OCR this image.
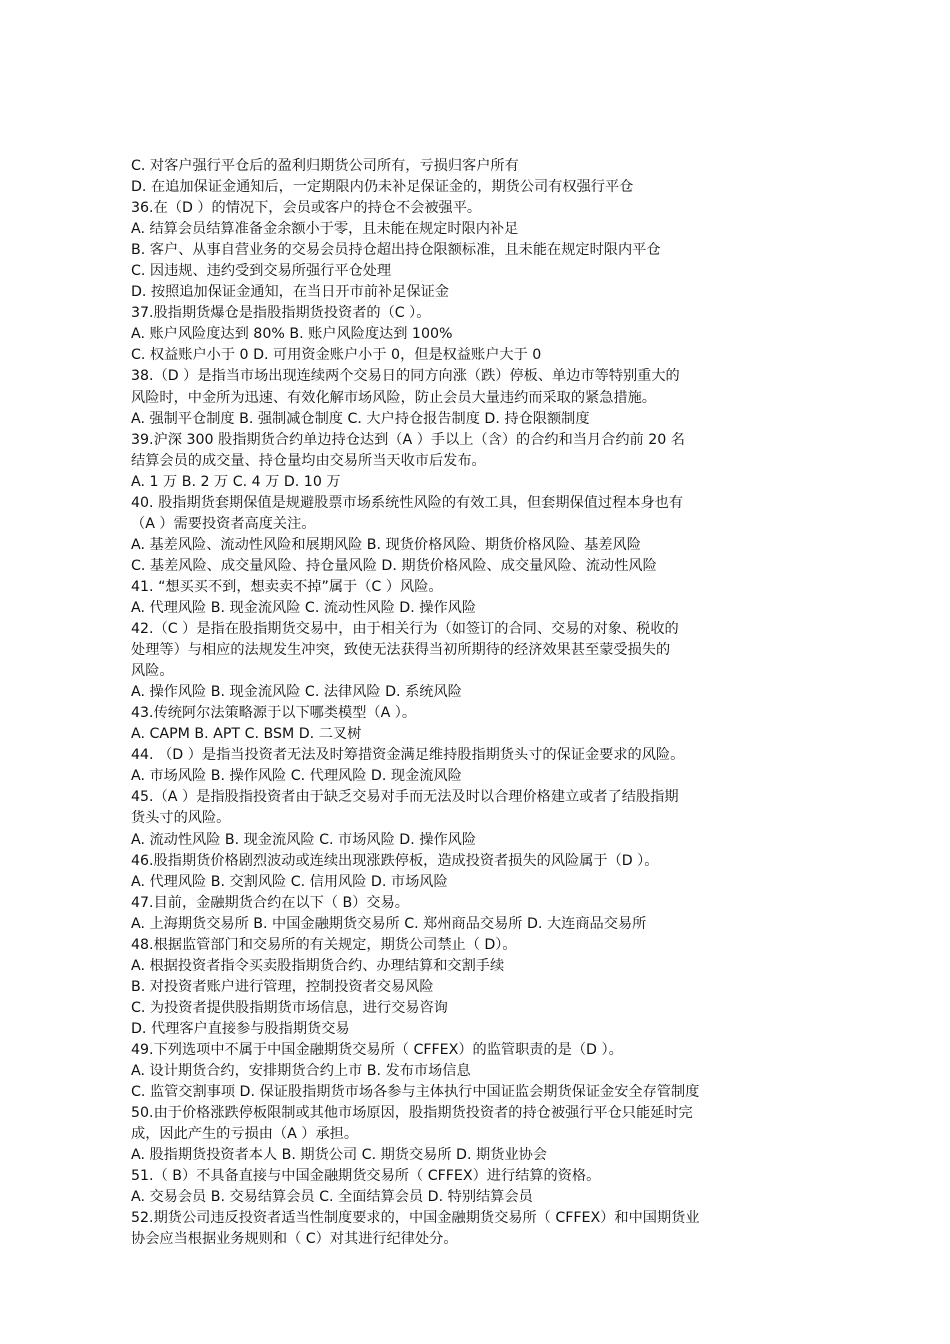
C. 对客户强行平仓后的盈利归期货公司所有，亏损归客户所有
D. 在追加保证金通知后，一定期限内仍未补足保证金的，期货公司有权强行平仓
36.在（D ）的情况下，会员或客户的持仓不会被强平。
A. 结算会员结算准备金余额小于零，且未能在规定时限内补足
B. 客户、从事自营业务的交易会员持仓超出持仓限额标准，且未能在规定时限内平仓
C. 因违规、违约受到交易所强行平仓处理
D. 按照追加保证金通知，在当日开市前补足保证金
37.股指期货爆仓是指股指期货投资者的（C ）。
A. 账户风险度达到 80% B. 账户风险度达到 100%
C. 权益账户小于 0 D. 可用资金账户小于 0，但是权益账户大于 0
38.（D ）是指当市场出现连续两个交易日的同方向涨（跌）停板、单边市等特别重大的
风险时，中金所为迅速、有效化解市场风险，防止会员大量违约而采取的紧急措施。
A. 强制平仓制度 B. 强制减仓制度 C. 大户持仓报告制度 D. 持仓限额制度
39.沪深 300 股指期货合约单边持仓达到（A ）手以上（含）的合约和当月合约前 20 名
结算会员的成交量、持仓量均由交易所当天收市后发布。
A. 1 万 B. 2 万 C. 4 万 D. 10 万
40. 股指期货套期保值是规避股票市场系统性风险的有效工具，但套期保值过程本身也有
（A ）需要投资者高度关注。
A. 基差风险、流动性风险和展期风险 B. 现货价格风险、期货价格风险、基差风险
C. 基差风险、成交量风险、持仓量风险 D. 期货价格风险、成交量风险、流动性风险
41. “想买买不到，想卖卖不掉”属于（C ）风险。
A. 代理风险 B. 现金流风险 C. 流动性风险 D. 操作风险
42.（C ）是指在股指期货交易中，由于相关行为（如签订的合同、交易的对象、税收的
处理等）与相应的法规发生冲突，致使无法获得当初所期待的经济效果甚至蒙受损失的
风险。
A. 操作风险 B. 现金流风险 C. 法律风险 D. 系统风险
43.传统阿尔法策略源于以下哪类模型（A ）。
A. CAPM B. APT C. BSM D. 二叉树
44. （D ）是指当投资者无法及时筹措资金满足维持股指期货头寸的保证金要求的风险。
A. 市场风险 B. 操作风险 C. 代理风险 D. 现金流风险
45.（A ）是指股指投资者由于缺乏交易对手而无法及时以合理价格建立或者了结股指期
货头寸的风险。
A. 流动性风险 B. 现金流风险 C. 市场风险 D. 操作风险
46.股指期货价格剧烈波动或连续出现涨跌停板，造成投资者损失的风险属于（D ）。
A. 代理风险 B. 交割风险 C. 信用风险 D. 市场风险
47.目前，金融期货合约在以下（ B）交易。
A. 上海期货交易所 B. 中国金融期货交易所 C. 郑州商品交易所 D. 大连商品交易所
48.根据监管部门和交易所的有关规定，期货公司禁止（ D）。
A. 根据投资者指令买卖股指期货合约、办理结算和交割手续
B. 对投资者账户进行管理，控制投资者交易风险
C. 为投资者提供股指期货市场信息，进行交易咨询
D. 代理客户直接参与股指期货交易
49.下列选项中不属于中国金融期货交易所（ CFFEX）的监管职责的是（D ）。
A. 设计期货合约，安排期货合约上市 B. 发布市场信息
C. 监管交割事项 D. 保证股指期货市场各参与主体执行中国证监会期货保证金安全存管制度
50.由于价格涨跌停板限制或其他市场原因，股指期货投资者的持仓被强行平仓只能延时完
成，因此产生的亏损由（A ）承担。
A. 股指期货投资者本人 B. 期货公司 C. 期货交易所 D. 期货业协会
51.（ B）不具备直接与中国金融期货交易所（ CFFEX）进行结算的资格。
A. 交易会员 B. 交易结算会员 C. 全面结算会员 D. 特别结算会员
52.期货公司违反投资者适当性制度要求的，中国金融期货交易所（ CFFEX）和中国期货业
协会应当根据业务规则和（ C）对其进行纪律处分。
